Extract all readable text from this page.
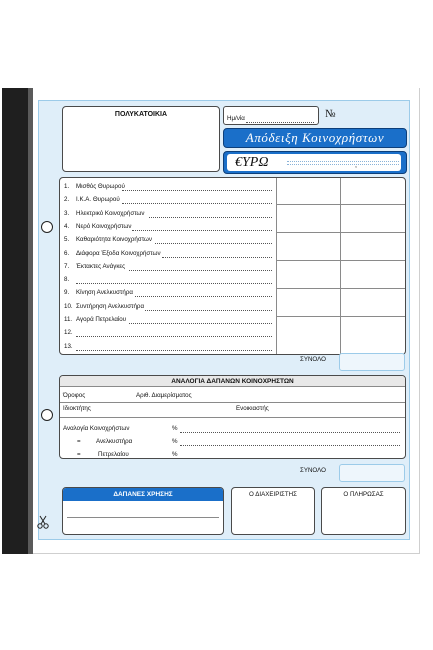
ΠΟΛΥΚΑΤΟΙΚΙΑ
Ημ/νία	№
Απόδειξη Κοινοχρήστων
€ΥΡΩ	,
1. Μισθός Θυρωρού
2. Ι.Κ.Α. Θυρωρού
3. Ηλεκτρικό Κοινοχρήστων
4. Νερό Κοινοχρήστων
5. Καθαριότητα Κοινοχρήστων
6. Διάφορα Έξοδα Κοινοχρήστων
7. Έκτακτες Ανάγκες
8.
9. Κίνηση Ανελκυστήρα
10. Συντήρηση Ανελκυστήρα
11. Αγορά Πετρελαίου
12.
13.
ΣΥΝΟΛΟ
ΑΝΑΛΟΓΙΑ ΔΑΠΑΝΩΝ ΚΟΙΝΟΧΡΗΣΤΩΝ
Όροφος	Αριθ. Διαμερίσματος
Ιδιοκτήτης	Ενοικιαστής
Αναλογία Κοινοχρήστων	%
= Ανελκυστήρα	%
=	Πετρελαίου	%
ΣΥΝΟΛΟ
ΔΑΠΑΝΕΣ ΧΡΗΣΗΣ	Ο ΔΙΑΧΕΙΡΙΣΤΗΣ	Ο ΠΛΗΡΩΣΑΣ
